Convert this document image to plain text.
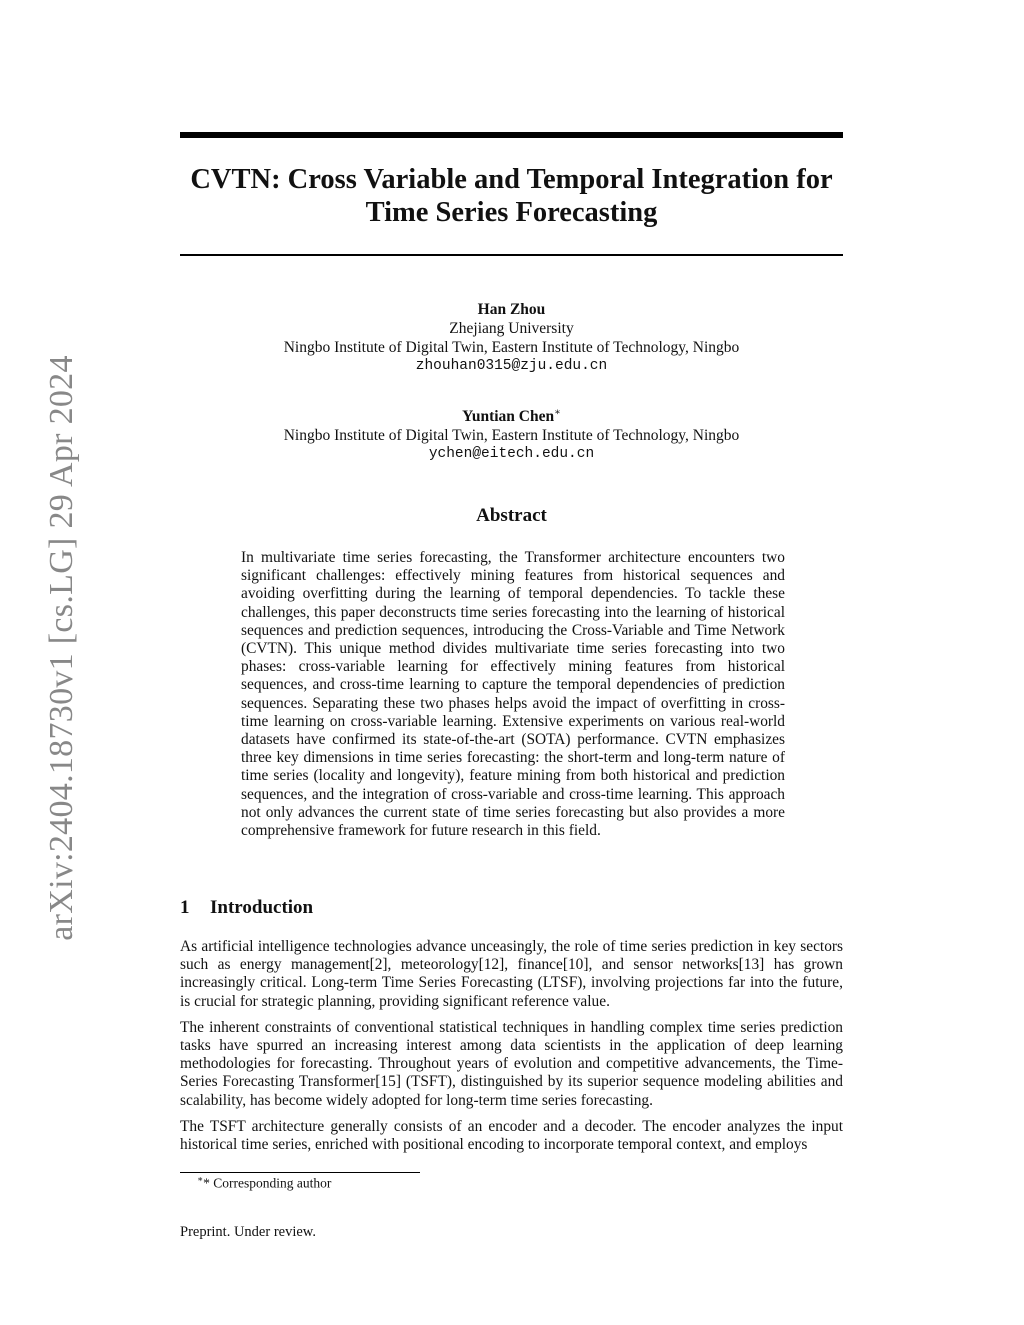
arXiv:2404.18730v1 [cs.LG] 29 Apr 2024
CVTN: Cross Variable and Temporal Integration for
Time Series Forecasting
Han Zhou
Zhejiang University
Ningbo Institute of Digital Twin, Eastern Institute of Technology, Ningbo
zhouhan0315@zju.edu.cn
Yuntian Chen∗
Ningbo Institute of Digital Twin, Eastern Institute of Technology, Ningbo
ychen@eitech.edu.cn
Abstract
In multivariate time series forecasting, the Transformer architecture encounters two significant challenges: effectively mining features from historical sequences and avoiding overfitting during the learning of temporal dependencies. To tackle these challenges, this paper deconstructs time series forecasting into the learning of historical sequences and prediction sequences, introducing the Cross-Variable and Time Network (CVTN). This unique method divides multivariate time series forecasting into two phases: cross-variable learning for effectively mining features from historical sequences, and cross-time learning to capture the temporal dependencies of prediction sequences. Separating these two phases helps avoid the impact of overfitting in cross-time learning on cross-variable learning. Extensive experiments on various real-world datasets have confirmed its state-of-the-art (SOTA) performance. CVTN emphasizes three key dimensions in time series forecasting: the short-term and long-term nature of time series (locality and longevity), feature mining from both historical and prediction sequences, and the integration of cross-variable and cross-time learning. This approach not only advances the current state of time series forecasting but also provides a more comprehensive framework for future research in this field.
1 Introduction

As artificial intelligence technologies advance unceasingly, the role of time series prediction in key sectors such as energy management[2], meteorology[12], finance[10], and sensor networks[13] has grown increasingly critical. Long-term Time Series Forecasting (LTSF), involving projections far into the future, is crucial for strategic planning, providing significant reference value.

The inherent constraints of conventional statistical techniques in handling complex time series prediction tasks have spurred an increasing interest among data scientists in the application of deep learning methodologies for forecasting. Throughout years of evolution and competitive advancements, the Time-Series Forecasting Transformer[15] (TSFT), distinguished by its superior sequence modeling abilities and scalability, has become widely adopted for long-term time series forecasting.

The TSFT architecture generally consists of an encoder and a decoder. The encoder analyzes the input historical time series, enriched with positional encoding to incorporate temporal context, and employs

∗* Corresponding author
Preprint. Under review.
